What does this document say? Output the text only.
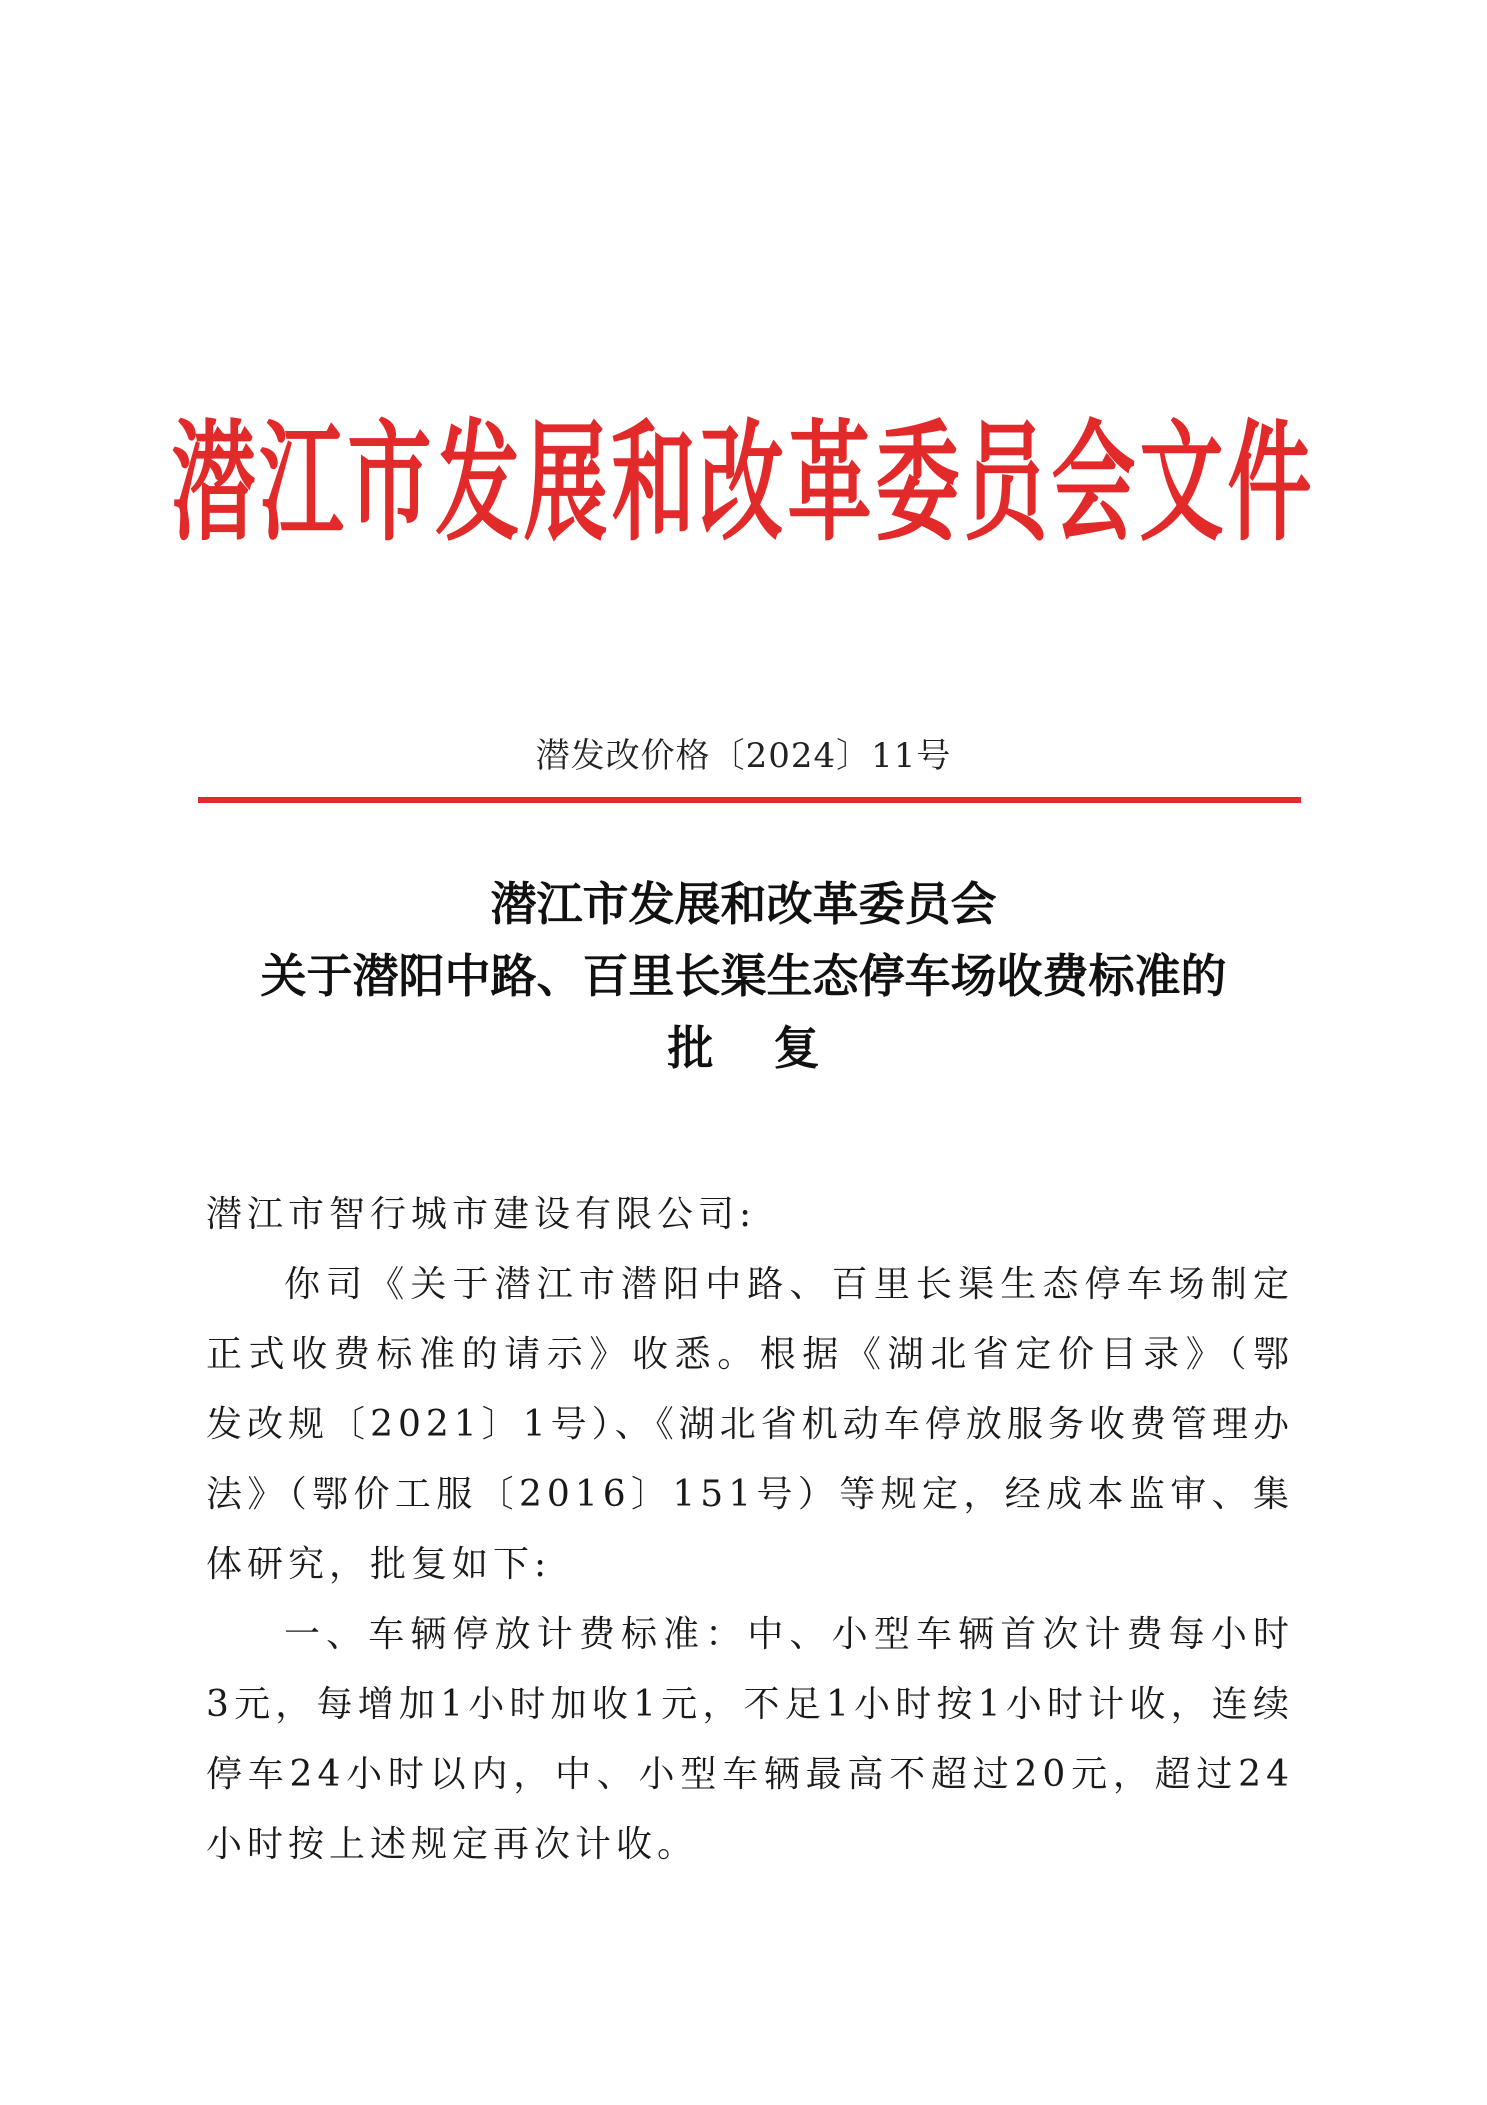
潜江市发展和改革委员会文件
潜发改价格〔2024〕11号
潜江市发展和改革委员会
关于潜阳中路、百里长渠生态停车场收费标准的
批复

潜江市智行城市建设有限公司:

你司《关于潜江市潜阳中路、百里长渠生态停车场制定正式收费标准的请示》收悉。根据《湖北省定价目录》（鄂发改规〔2021〕1号）、《湖北省机动车停放服务收费管理办法》（鄂价工服〔2016〕151号）等规定，经成本监审、集体研究，批复如下:

一、车辆停放计费标准：中、小型车辆首次计费每小时3元，每增加1小时加收1元，不足1小时按1小时计收，连续停车24小时以内，中、小型车辆最高不超过20元，超过24小时按上述规定再次计收。
